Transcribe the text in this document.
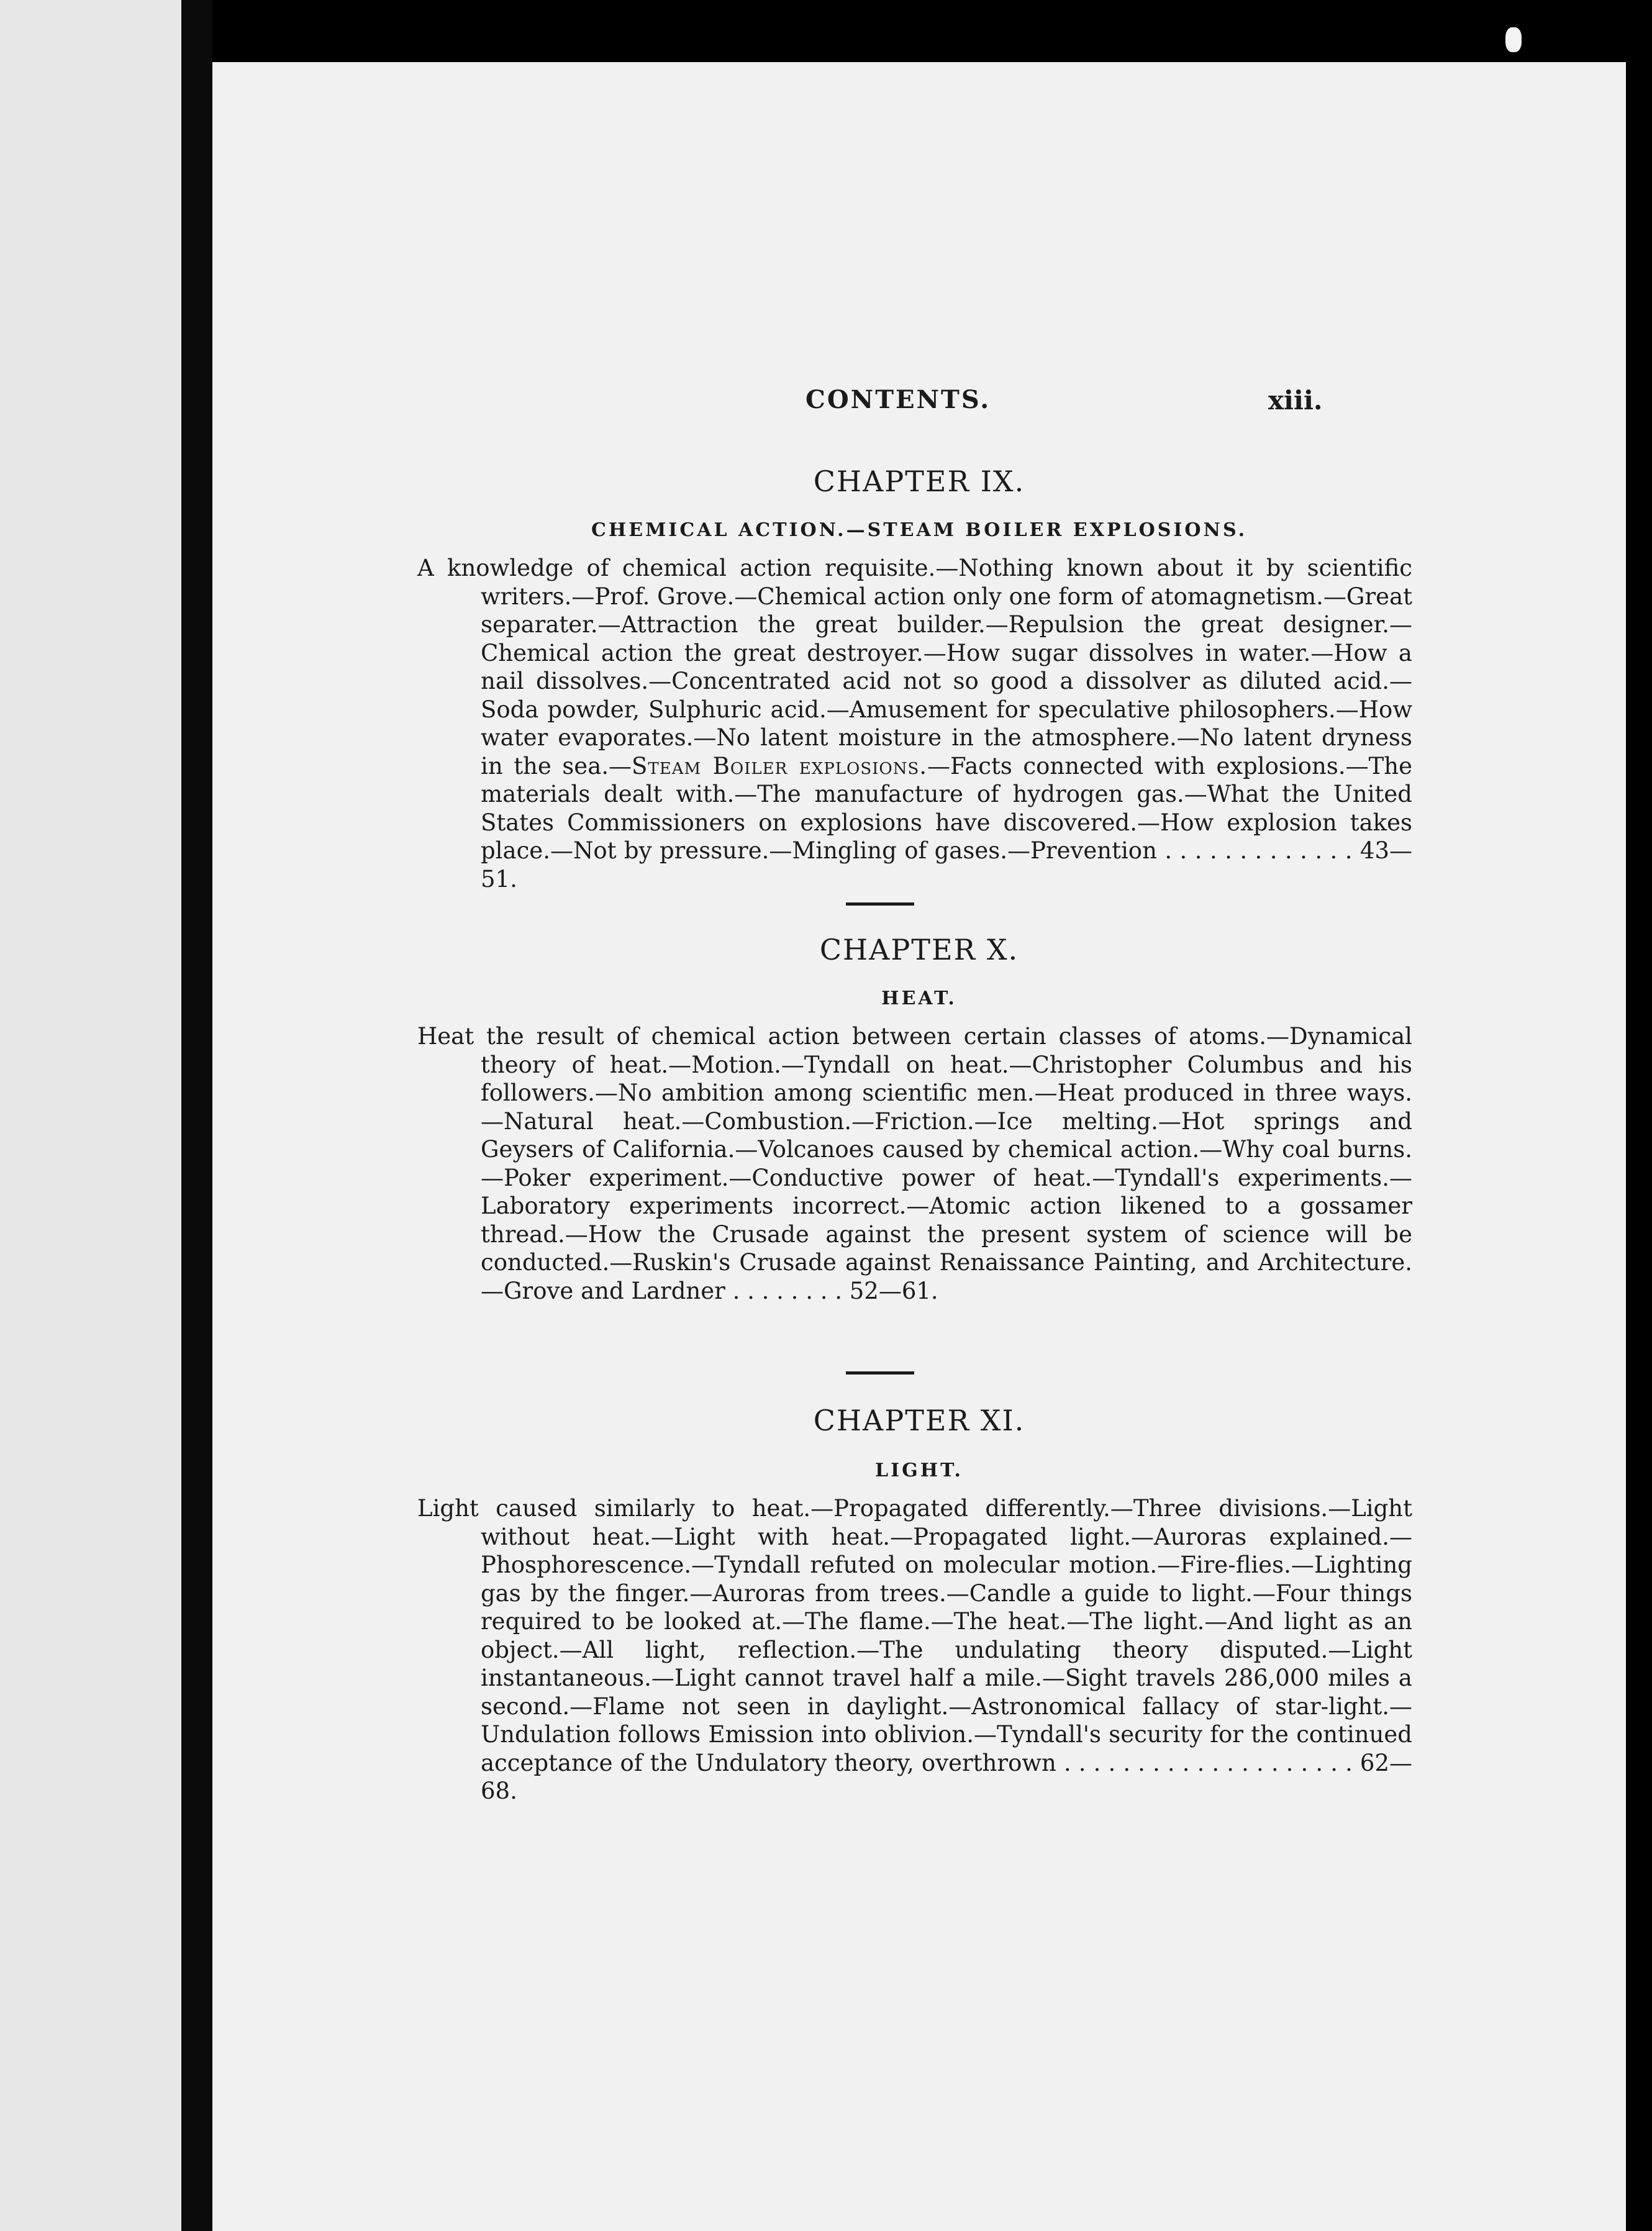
CONTENTS.	xiii.
CHAPTER IX.
CHEMICAL ACTION.—STEAM BOILER EXPLOSIONS.

A knowledge of chemical action requisite.—Nothing known about it by scientific writers.—Prof. Grove.—Chemical action only one form of atomagnetism.—Great separater.—Attraction the great builder.—Repulsion the great designer.—Chemical action the great destroyer.—How sugar dissolves in water.—How a nail dissolves.—Concentrated acid not so good a dissolver as diluted acid.—Soda powder, Sulphuric acid.—Amusement for speculative philosophers.—How water evaporates.—No latent moisture in the atmosphere.—No latent dryness in the sea.—Steam Boiler explosions.—Facts connected with explosions.—The materials dealt with.—The manufacture of hydrogen gas.—What the United States Commissioners on explosions have discovered.—How explosion takes place.—Not by pressure.—Mingling of gases.—Prevention . . . . . . . . . . . . . 43—51.

CHAPTER X.
HEAT.

Heat the result of chemical action between certain classes of atoms.—Dynamical theory of heat.—Motion.—Tyndall on heat.—Christopher Columbus and his followers.—No ambition among scientific men.—Heat produced in three ways.—Natural heat.—Combustion.—Friction.—Ice melting.—Hot springs and Geysers of California.—Volcanoes caused by chemical action.—Why coal burns.—Poker experiment.—Conductive power of heat.—Tyndall's experiments.—Laboratory experiments incorrect.—Atomic action likened to a gossamer thread.—How the Crusade against the present system of science will be conducted.—Ruskin's Crusade against Renaissance Painting, and Architecture.—Grove and Lardner . . . . . . . . 52—61.

CHAPTER XI.
LIGHT.

Light caused similarly to heat.—Propagated differently.—Three divisions.—Light without heat.—Light with heat.—Propagated light.—Auroras explained.—Phosphorescence.—Tyndall refuted on molecular motion.—Fire-flies.—Lighting gas by the finger.—Auroras from trees.—Candle a guide to light.—Four things required to be looked at.—The flame.—The heat.—The light.—And light as an object.—All light, reflection.—The undulating theory disputed.—Light instantaneous.—Light cannot travel half a mile.—Sight travels 286,000 miles a second.—Flame not seen in daylight.—Astronomical fallacy of star-light.—Undulation follows Emission into oblivion.—Tyndall's security for the continued acceptance of the Undulatory theory, overthrown . . . . . . . . . . . . . . . . . . . . 62—68.
